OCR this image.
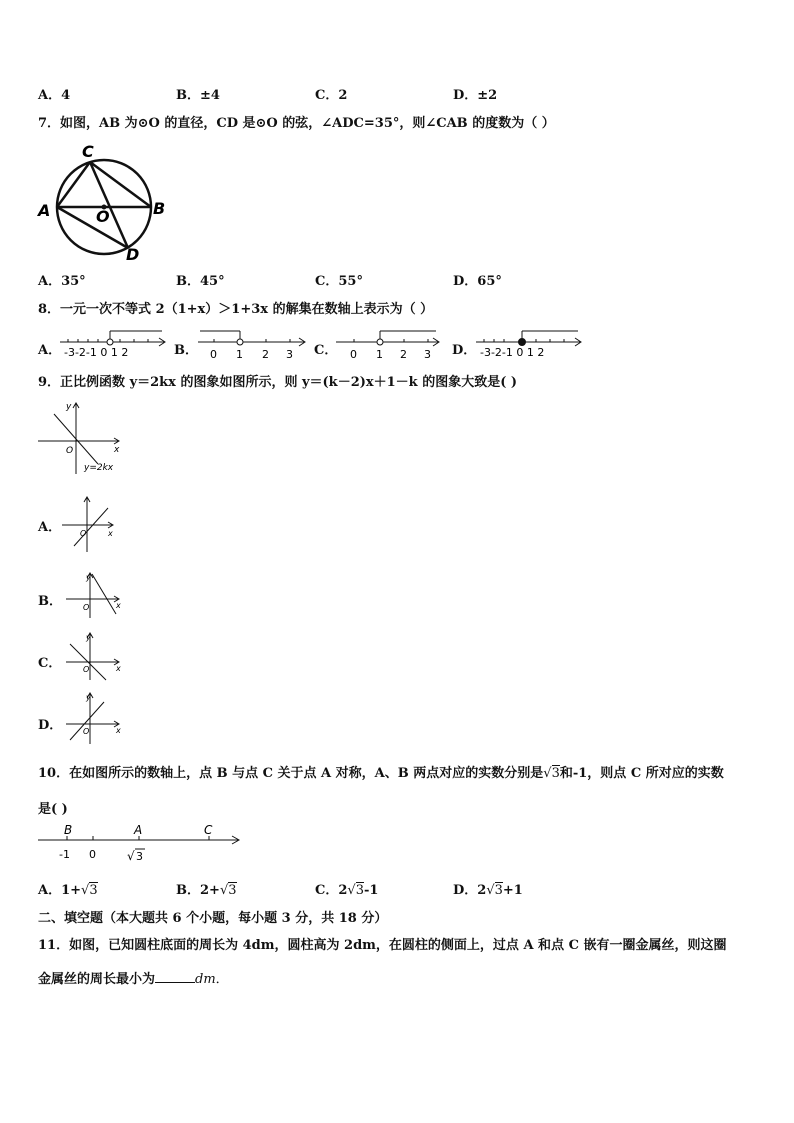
A．4	B．±4	C．2	D．±2
7．如图，AB 为⊙O 的直径，CD 是⊙O 的弦，∠ADC=35°，则∠CAB 的度数为（ ）
C
A	B
O
D
A．35°	B．45°	C．55°	D．65°
8．一元一次不等式 2（1+x）＞1+3x 的解集在数轴上表示为（ ）
A． -3-2-1 0 1 2	B． 0 1 2 3 C． 0 1 2 3 D． -3-2-1 0 1 2
9．正比例函数 y＝2kx 的图象如图所示，则 y＝(k－2)x＋1－k 的图象大致是( )
y
x
O
y=2kx
A． O	x
B．
y
O	x
C．
y
O	x
D．
y
O	x
10．在如图所示的数轴上，点 B 与点 C 关于点 A 对称，A、B 两点对应的实数分别是√3和-1，则点 C 所对应的实数
是( )
B	A	C
-1 0	√ 3
A．1+√3	B．2+√3	C．2√3-1	D．2√3+1
二、填空题（本大题共 6 个小题，每小题 3 分，共 18 分）
11．如图，已知圆柱底面的周长为 4dm，圆柱高为 2dm，在圆柱的侧面上，过点 A 和点 C 嵌有一圈金属丝，则这圈
金属丝的周长最小为	dm．
